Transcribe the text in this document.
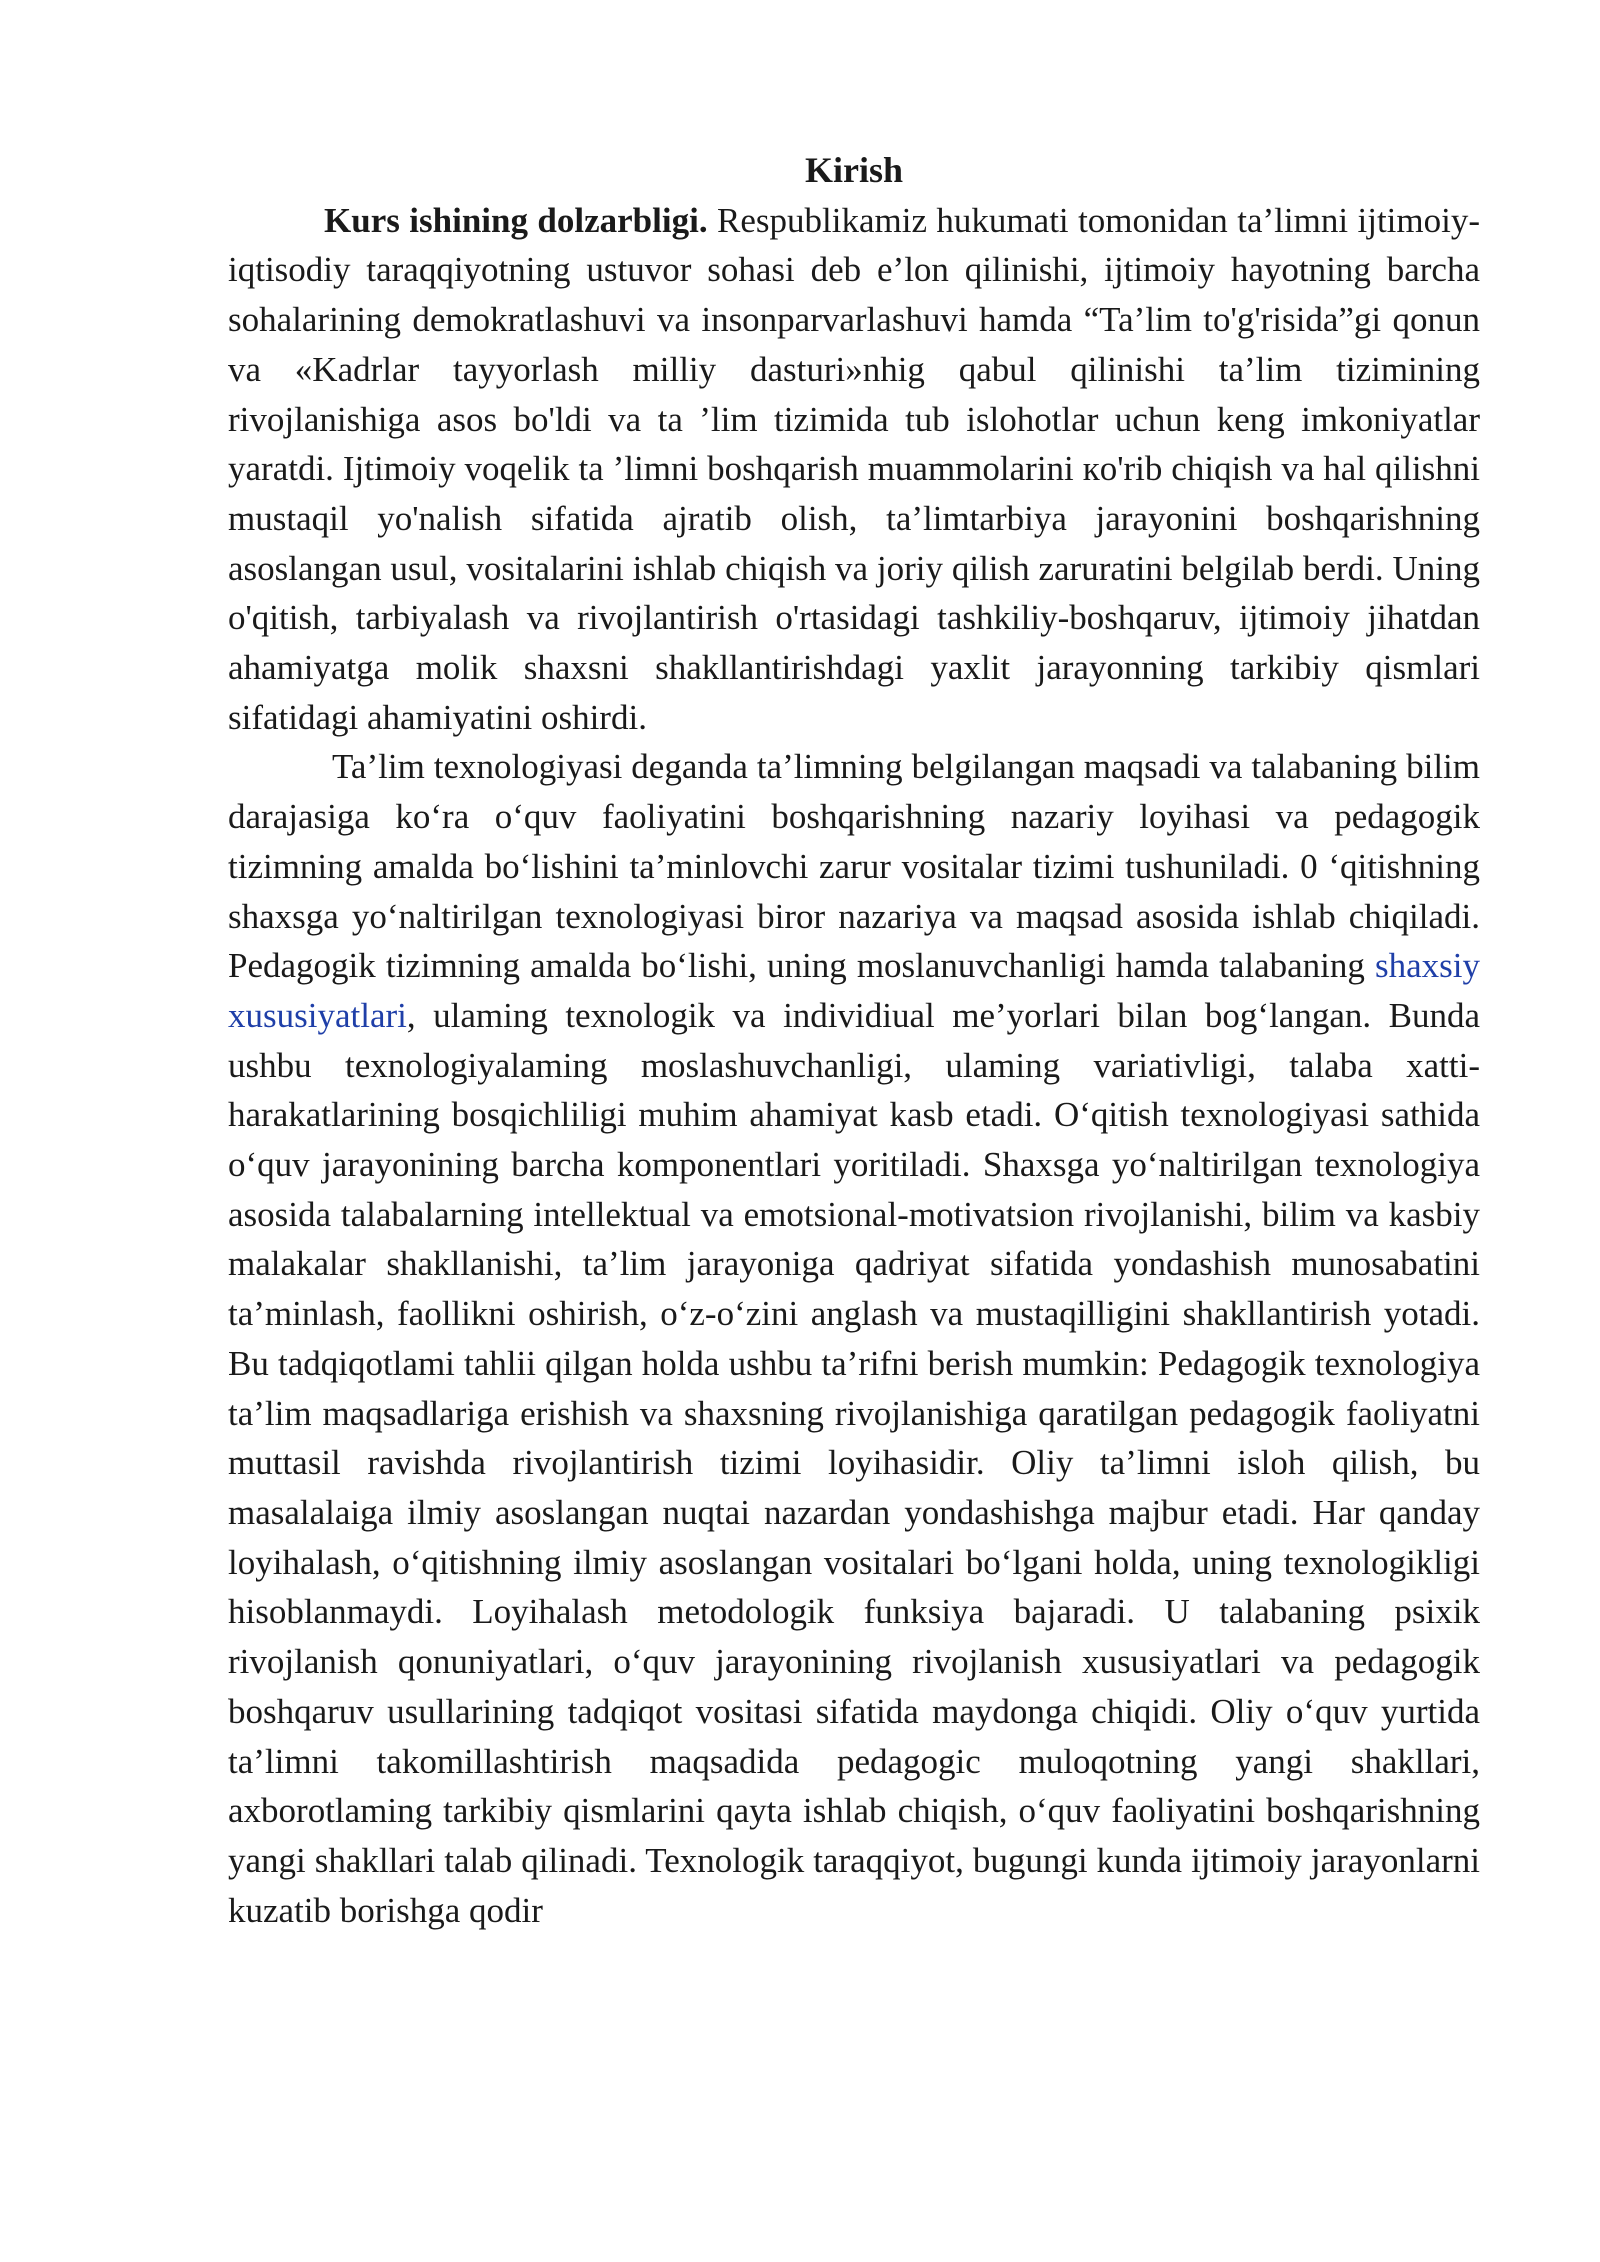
Kirish

Kurs ishining dolzarbligi. Respublikamiz hukumati tomonidan ta’limni ijtimoiy-iqtisodiy taraqqiyotning ustuvor sohasi deb e’lon qilinishi, ijtimoiy hayotning barcha sohalarining demokratlashuvi va insonparvarlashuvi hamda “Ta’lim to'g'risida”gi qonun va «Kadrlar tayyorlash milliy dasturi»nhig qabul qilinishi ta’lim tizimining rivojlanishiga asos bo'ldi va ta ’lim tizimida tub islohotlar uchun keng imkoniyatlar yaratdi. Ijtimoiy voqelik ta ’limni boshqarish muammolarini кo'rib chiqish va hal qilishni mustaqil yo'nalish sifatida ajratib olish, ta’limtarbiya jarayonini boshqarishning asoslangan usul, vositalarini ishlab chiqish va joriy qilish zaruratini belgilab berdi. Uning o'qitish, tarbiyalash va rivojlantirish o'rtasidagi tashkiliy-boshqaruv, ijtimoiy jihatdan ahamiyatga molik shaxsni shakllantirishdagi yaxlit jarayonning tarkibiy qismlari sifatidagi ahamiyatini oshirdi.

Ta’lim texnologiyasi deganda ta’limning belgilangan maqsadi va talabaning bilim darajasiga ko‘ra o‘quv faoliyatini boshqarishning nazariy loyihasi va pedagogik tizimning amalda bo‘lishini ta’minlovchi zarur vositalar tizimi tushuniladi. 0 ‘qitishning shaxsga yo‘naltirilgan texnologiyasi biror nazariya va maqsad asosida ishlab chiqiladi. Pedagogik tizimning amalda bo‘lishi, uning moslanuvchanligi hamda talabaning shaxsiy xususiyatlari, ulaming texnologik va individiual me’yorlari bilan bog‘langan. Bunda ushbu texnologiyalaming moslashuvchanligi, ulaming variativligi, talaba xatti-harakatlarining bosqichliligi muhim ahamiyat kasb etadi. O‘qitish texnologiyasi sathida o‘quv jarayonining barcha komponentlari yoritiladi. Shaxsga yo‘naltirilgan texnologiya asosida talabalarning intellektual va emotsional-motivatsion rivojlanishi, bilim va kasbiy malakalar shakllanishi, ta’lim jarayoniga qadriyat sifatida yondashish munosabatini ta’minlash, faollikni oshirish, o‘z-o‘zini anglash va mustaqilligini shakllantirish yotadi. Bu tadqiqotlami tahlii qilgan holda ushbu ta’rifni berish mumkin: Pedagogik texnologiya ta’lim maqsadlariga erishish va shaxsning rivojlanishiga qaratilgan pedagogik faoliyatni muttasil ravishda rivojlantirish tizimi loyihasidir. Oliy ta’limni isloh qilish, bu masalalaiga ilmiy asoslangan nuqtai nazardan yondashishga majbur etadi. Har qanday loyihalash, o‘qitishning ilmiy asoslangan vositalari bo‘lgani holda, uning texnologikligi hisoblanmaydi. Loyihalash metodologik funksiya bajaradi. U talabaning psixik rivojlanish qonuniyatlari, o‘quv jarayonining rivojlanish xususiyatlari va pedagogik boshqaruv usullarining tadqiqot vositasi sifatida maydonga chiqidi. Oliy o‘quv yurtida ta’limni takomillashtirish maqsadida pedagogic muloqotning yangi shakllari, axborotlaming tarkibiy qismlarini qayta ishlab chiqish, o‘quv faoliyatini boshqarishning yangi shakllari talab qilinadi. Texnologik taraqqiyot, bugungi kunda ijtimoiy jarayonlarni kuzatib borishga qodir
